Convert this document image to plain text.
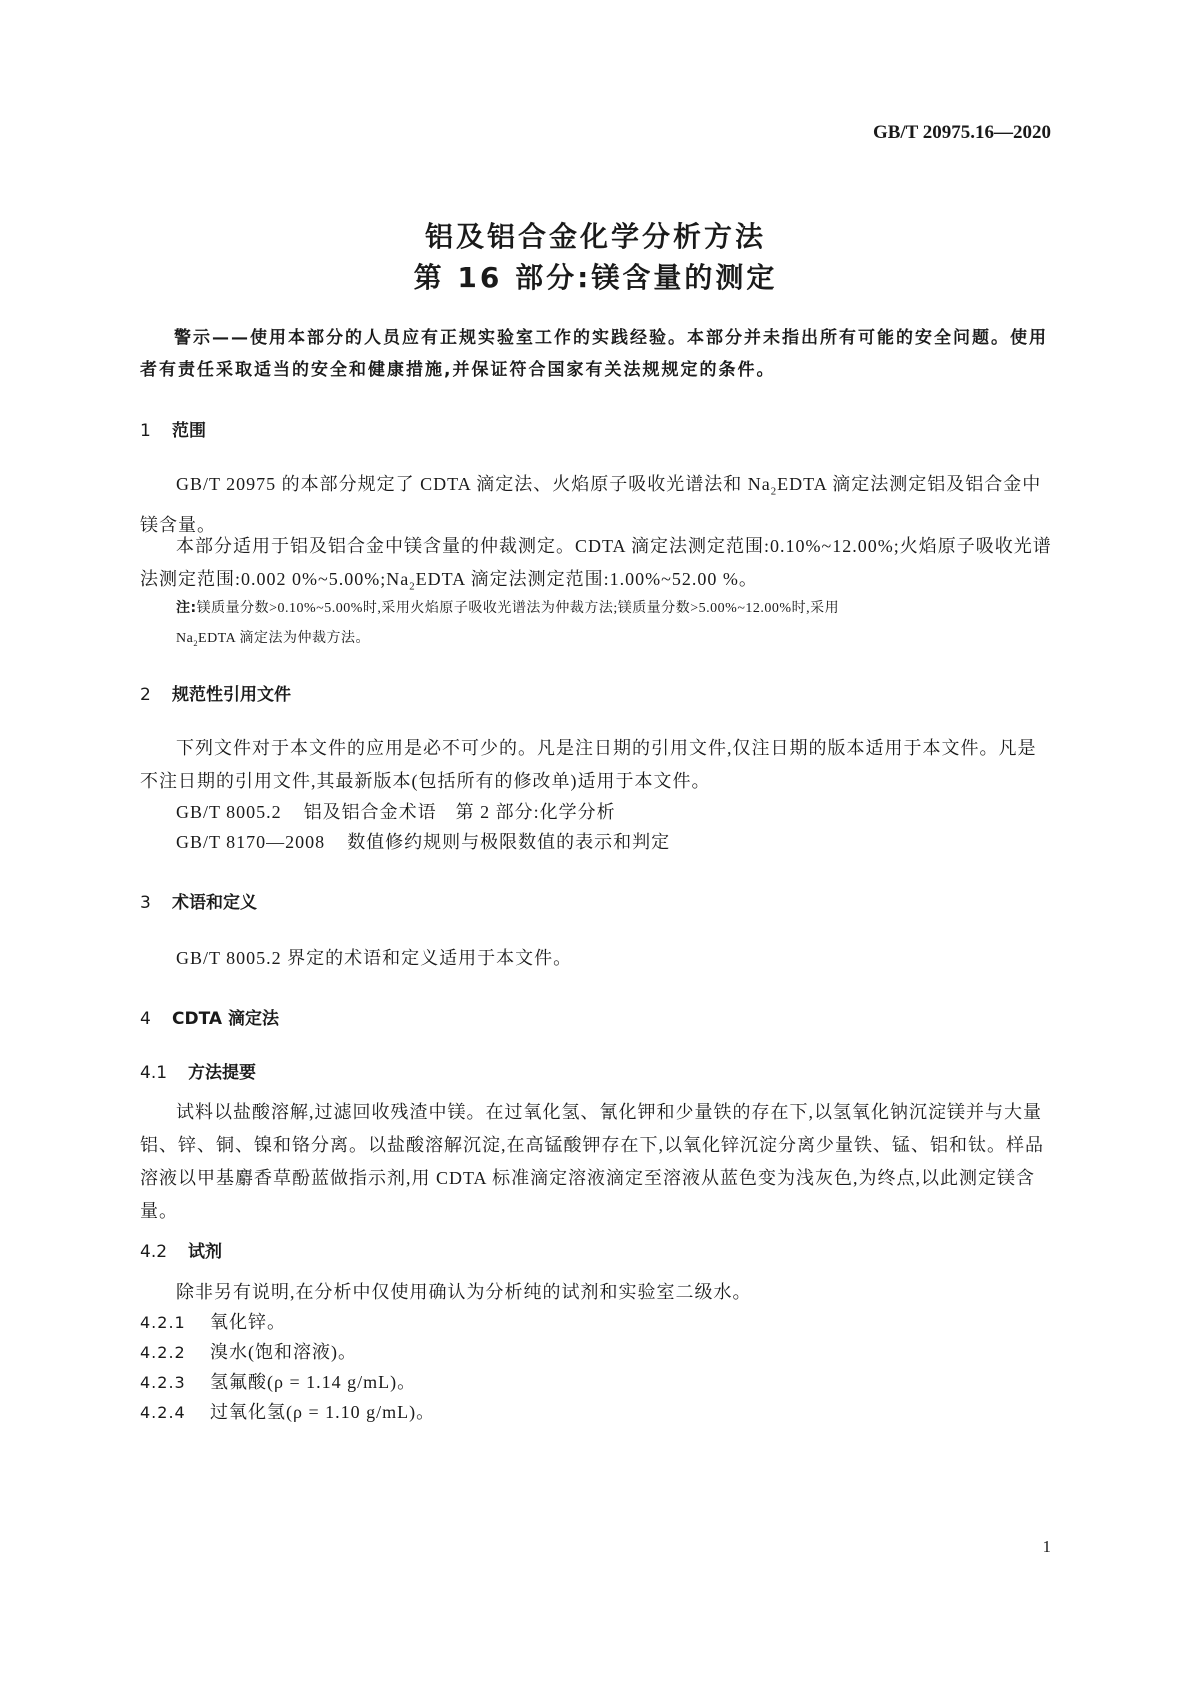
GB/T 20975.16—2020
铝及铝合金化学分析方法
第 16 部分:镁含量的测定
警示——使用本部分的人员应有正规实验室工作的实践经验。本部分并未指出所有可能的安全问题。使用者有责任采取适当的安全和健康措施,并保证符合国家有关法规规定的条件。
1 范围
GB/T 20975 的本部分规定了 CDTA 滴定法、火焰原子吸收光谱法和 $Na_2EDTA$ 滴定法测定铝及铝合金中镁含量。
本部分适用于铝及铝合金中镁含量的仲裁测定。CDTA 滴定法测定范围:0.10%~12.00%;火焰原子吸收光谱法测定范围:0.002 $0\%\sim 5.00\%;Na_2EDTA$ 滴定法测定范围:1.00%~52.00 %。
注:镁质量分数>0.10%~5.00%时,采用火焰原子吸收光谱法为仲裁方法;镁质量分数>5.00%~12.00%时,采用
$Na_2EDTA$ 滴定法为仲裁方法。
2 规范性引用文件
下列文件对于本文件的应用是必不可少的。凡是注日期的引用文件,仅注日期的版本适用于本文件。凡是不注日期的引用文件,其最新版本(包括所有的修改单)适用于本文件。
GB/T 8005.2 铝及铝合金术语　第 2 部分:化学分析
GB/T 8170—2008 数值修约规则与极限数值的表示和判定
3 术语和定义
GB/T 8005.2 界定的术语和定义适用于本文件。
4 CDTA 滴定法
4.1 方法提要
试料以盐酸溶解,过滤回收残渣中镁。在过氧化氢、氰化钾和少量铁的存在下,以氢氧化钠沉淀镁并与大量铝、锌、铜、镍和铬分离。以盐酸溶解沉淀,在高锰酸钾存在下,以氧化锌沉淀分离少量铁、锰、铝和钛。样品溶液以甲基麝香草酚蓝做指示剂,用 CDTA 标准滴定溶液滴定至溶液从蓝色变为浅灰色,为终点,以此测定镁含量。
4.2 试剂
除非另有说明,在分析中仅使用确认为分析纯的试剂和实验室二级水。
4.2.1 氧化锌。
4.2.2 溴水(饱和溶液)。
4.2.3 氢氟酸(ρ = 1.14 g/mL)。
4.2.4 过氧化氢(ρ = 1.10 g/mL)。
1
